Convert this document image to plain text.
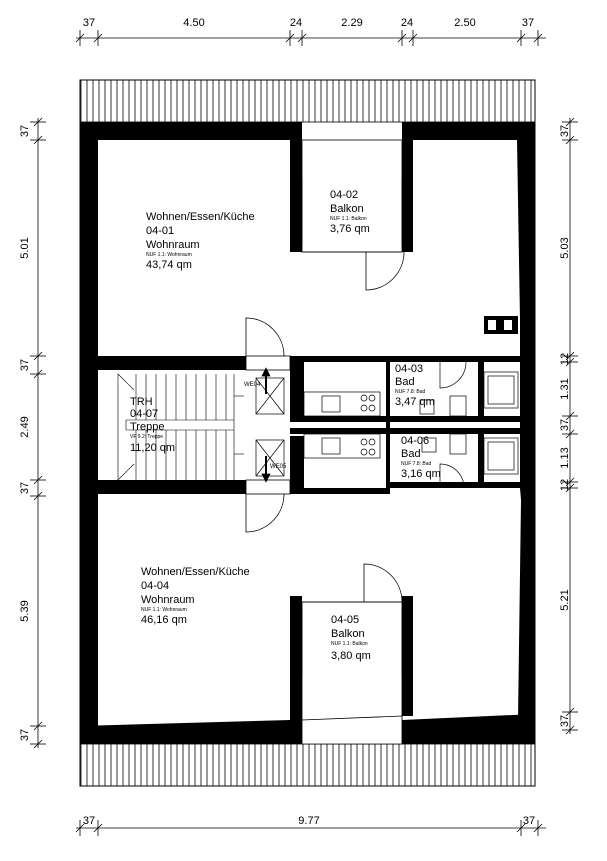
37	4.50	24	2.29	24	2.50	37
37	9.77	37
37
5.01
37
2.49
37
5.39
37
37
5.03
12
1.31
37
1.13
12
5.21
37
Wohnen/Essen/Küche
04-01
Wohnraum
NUF 1.1: Wohnraum
43,74 qm
04-02
Balkon
NUF 1.1: Balkon
3,76 qm
04-03
Bad
NUF 7.8: Bad
3,47 qm
Wohnen/Essen/Küche
04-04
Wohnraum
NUF 1.1: Wohnraum
46,16 qm	04-05
Balkon
NUF 1.1: Balkon
3,80 qm
04-06
Bad
NUF 7.8: Bad
3,16 qm
TRH
04-07
Treppe
VF 9.2: Treppe
11,20 qm
WE04
WE05
